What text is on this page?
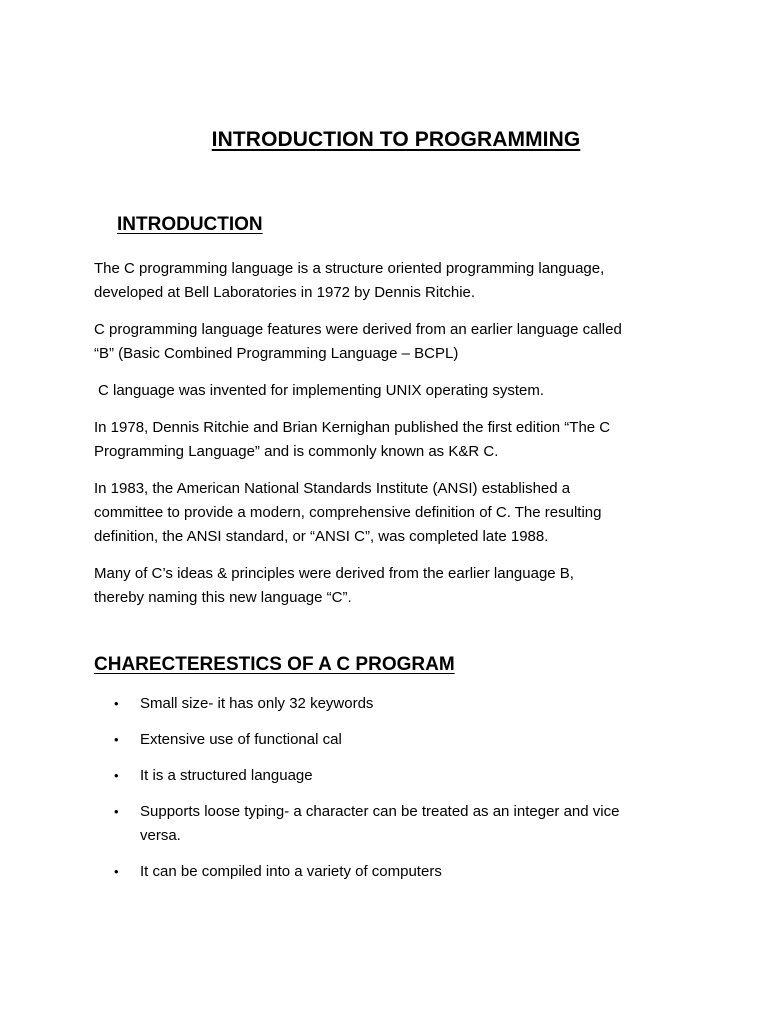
INTRODUCTION TO PROGRAMMING
INTRODUCTION

The C programming language is a structure oriented programming language,
developed at Bell Laboratories in 1972 by Dennis Ritchie.

C programming language features were derived from an earlier language called
“B” (Basic Combined Programming Language – BCPL)

C language was invented for implementing UNIX operating system.

In 1978, Dennis Ritchie and Brian Kernighan published the first edition “The C
Programming Language” and is commonly known as K&R C.

In 1983, the American National Standards Institute (ANSI) established a
committee to provide a modern, comprehensive definition of C. The resulting
definition, the ANSI standard, or “ANSI C”, was completed late 1988.

Many of C’s ideas & principles were derived from the earlier language B,
thereby naming this new language “C”.

CHARECTERESTICS OF A C PROGRAM
• Small size- it has only 32 keywords
• Extensive use of functional cal
• It is a structured language
• Supports loose typing- a character can be treated as an integer and vice
versa.
• It can be compiled into a variety of computers
